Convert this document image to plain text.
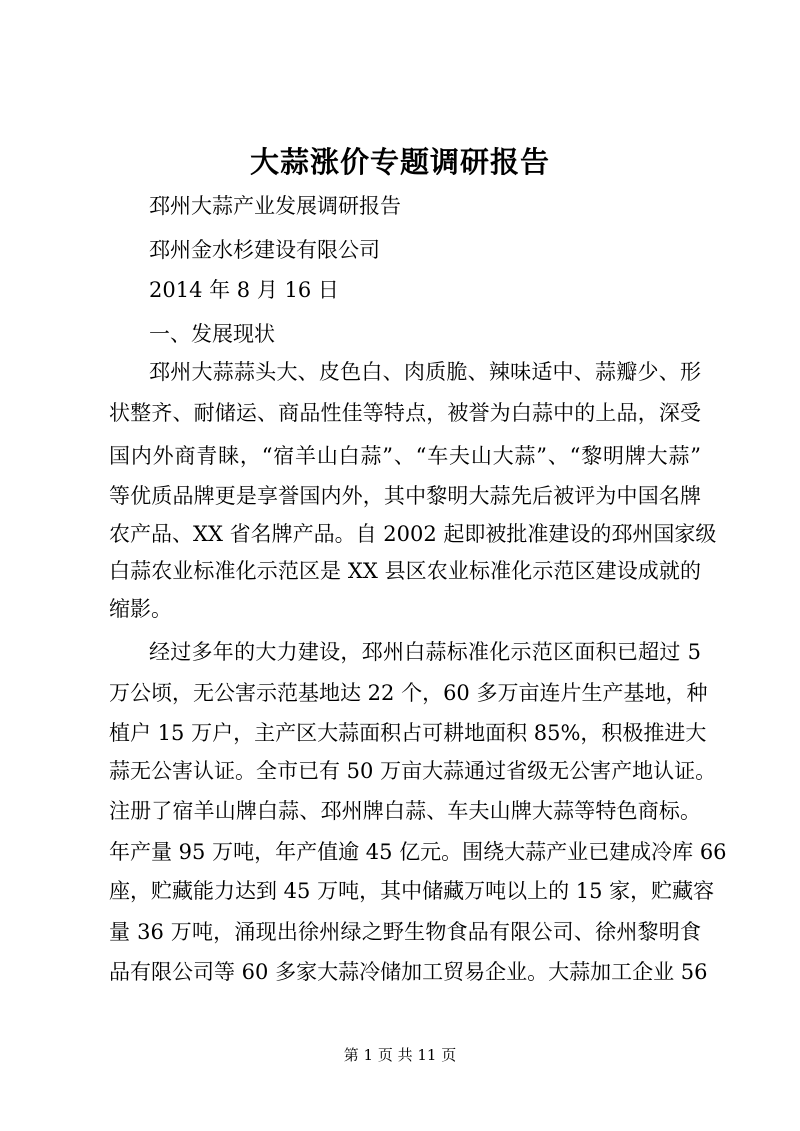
大蒜涨价专题调研报告

邳州大蒜产业发展调研报告

邳州金水杉建设有限公司

2014 年 8 月 16 日

一、发展现状

邳州大蒜蒜头大、皮色白、肉质脆、辣味适中、蒜瓣少、形

状整齐、耐储运、商品性佳等特点，被誉为白蒜中的上品，深受

国内外商青睐，“宿羊山白蒜”、“车夫山大蒜”、“黎明牌大蒜”

等优质品牌更是享誉国内外，其中黎明大蒜先后被评为中国名牌

农产品、XX 省名牌产品。自 2002 起即被批准建设的邳州国家级

白蒜农业标准化示范区是 XX 县区农业标准化示范区建设成就的

缩影。

经过多年的大力建设，邳州白蒜标准化示范区面积已超过 5

万公顷，无公害示范基地达 22 个，60 多万亩连片生产基地，种

植户 15 万户，主产区大蒜面积占可耕地面积 85%，积极推进大

蒜无公害认证。全市已有 50 万亩大蒜通过省级无公害产地认证。

注册了宿羊山牌白蒜、邳州牌白蒜、车夫山牌大蒜等特色商标。

年产量 95 万吨，年产值逾 45 亿元。围绕大蒜产业已建成冷库 66

座，贮藏能力达到 45 万吨，其中储藏万吨以上的 15 家，贮藏容

量 36 万吨，涌现出徐州绿之野生物食品有限公司、徐州黎明食

品有限公司等 60 多家大蒜冷储加工贸易企业。大蒜加工企业 56

第 1 页 共 11 页
